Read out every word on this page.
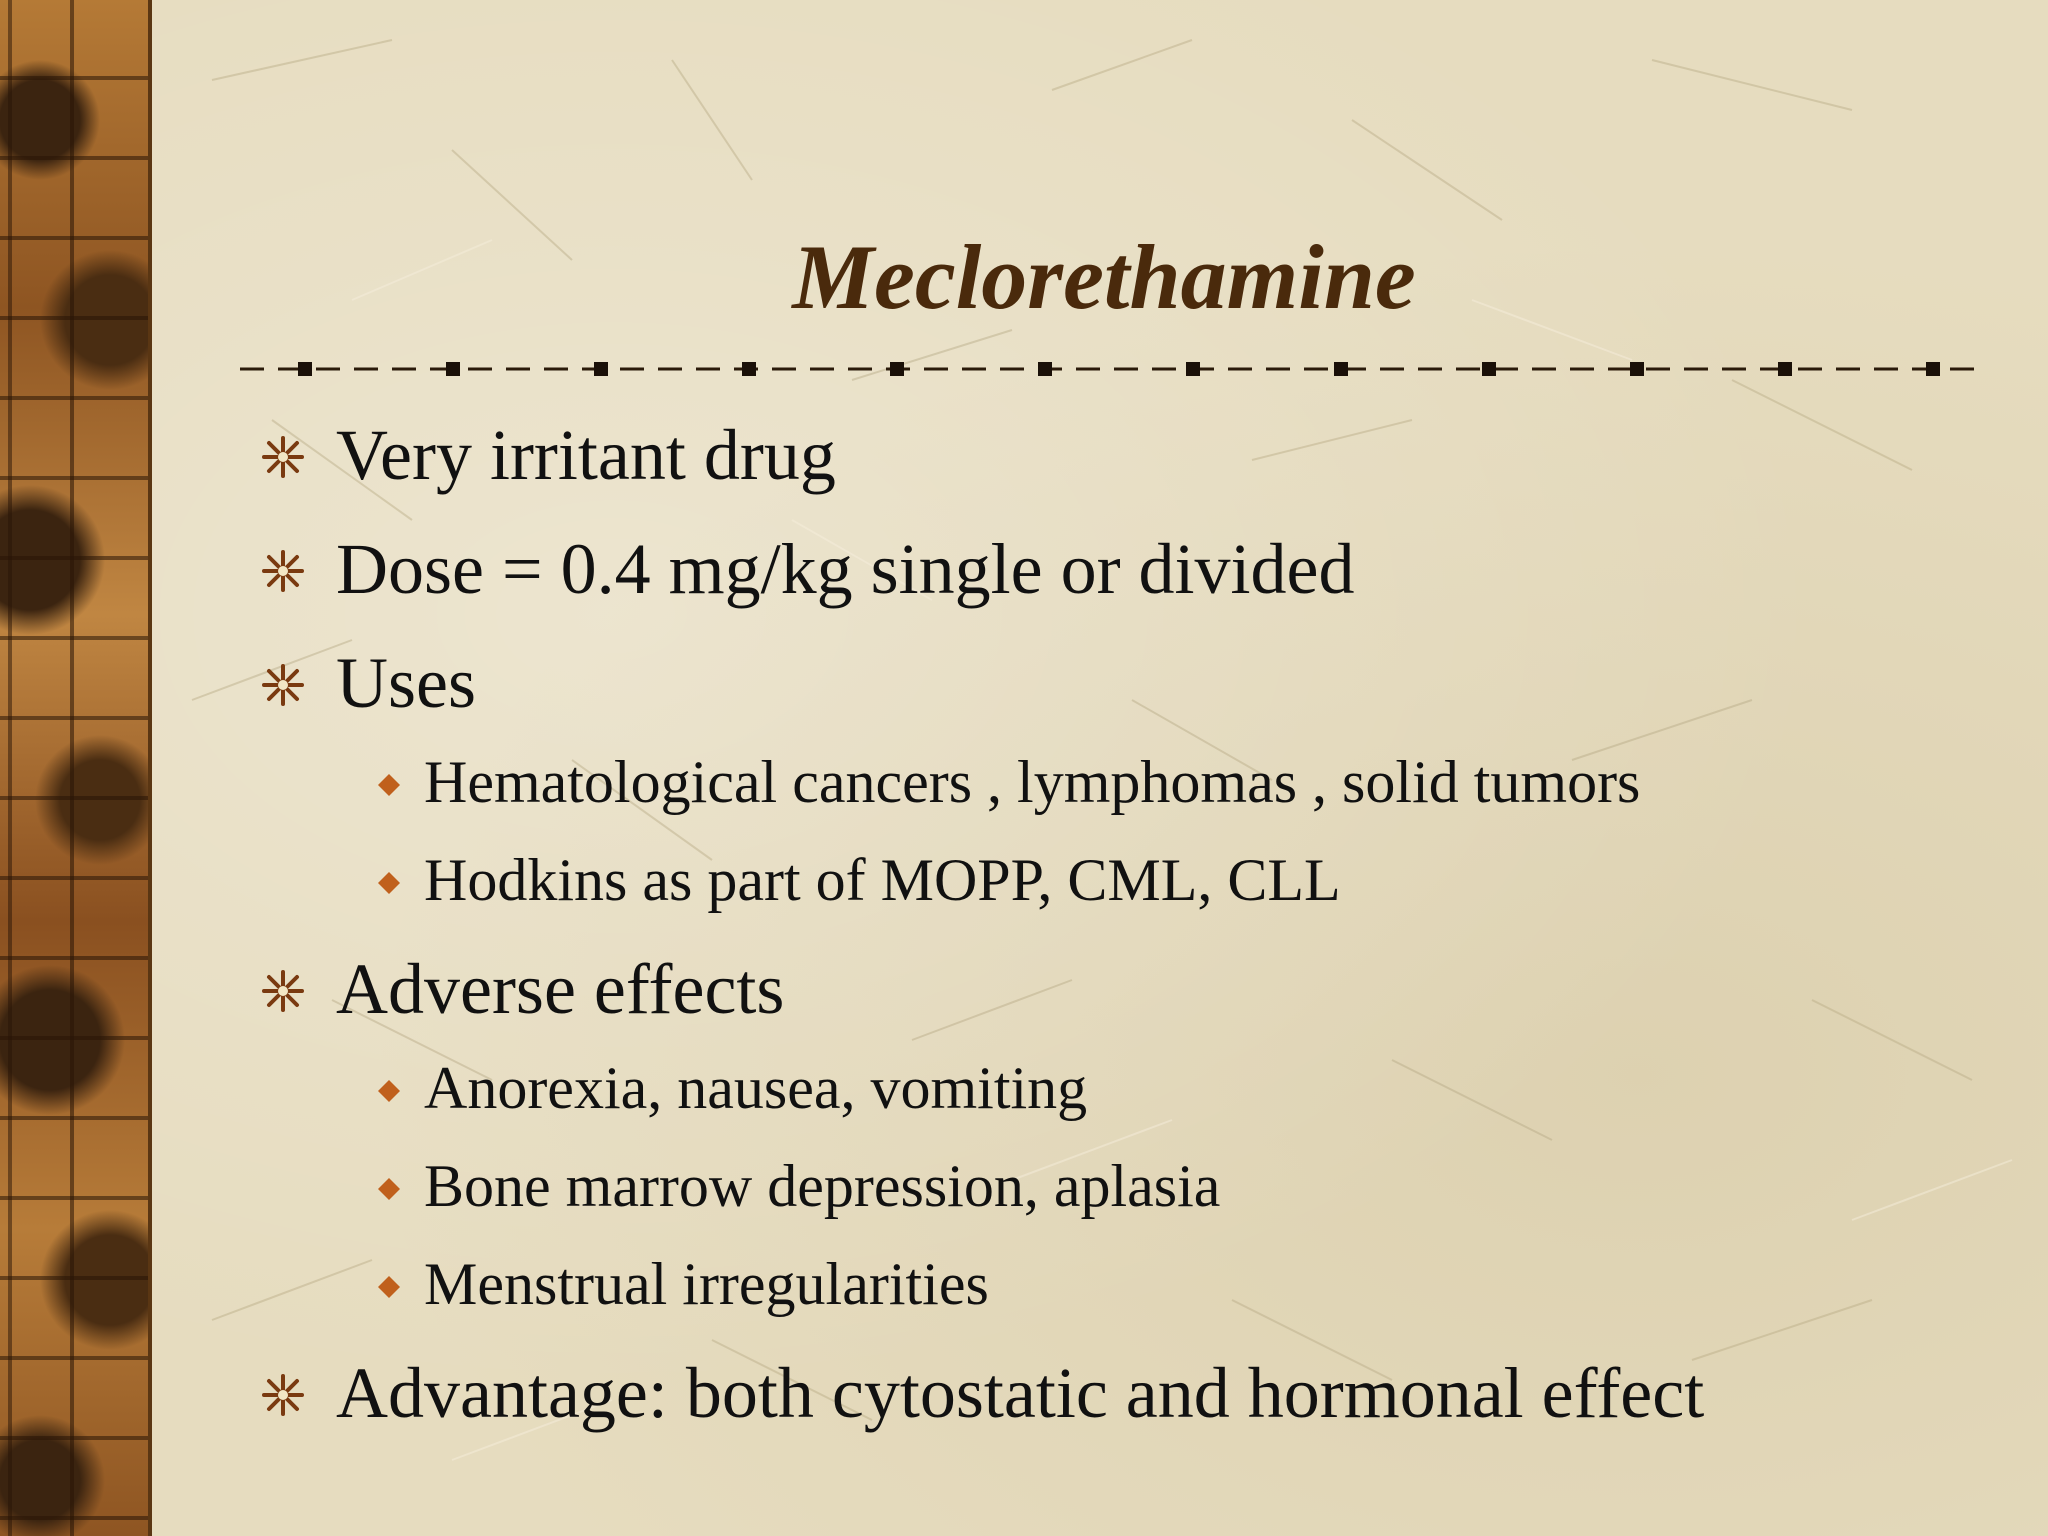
Meclorethamine
Very irritant drug
Dose = 0.4 mg/kg single or divided
Uses
Hematological cancers , lymphomas , solid tumors
Hodkins as part of MOPP, CML, CLL
Adverse effects
Anorexia, nausea, vomiting
Bone marrow depression, aplasia
Menstrual irregularities
Advantage: both cytostatic and hormonal effect
